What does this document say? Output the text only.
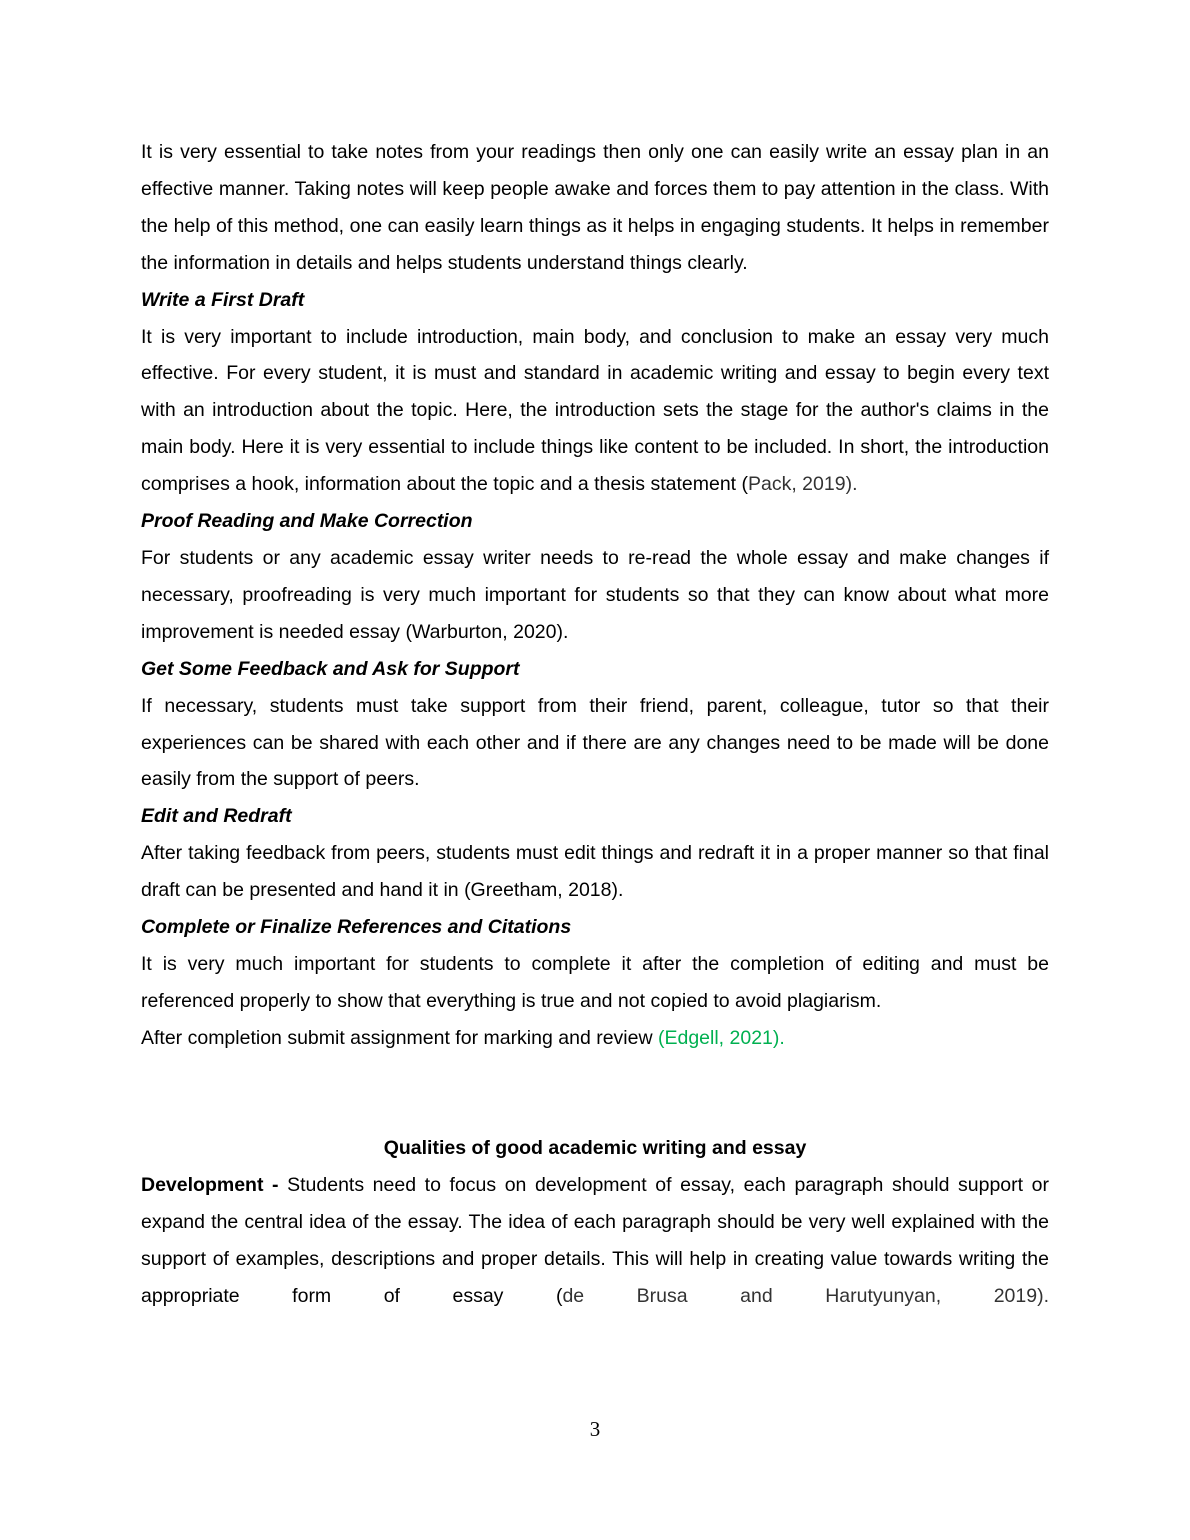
It is very essential to take notes from your readings then only one can easily write an essay plan in an effective manner. Taking notes will keep people awake and forces them to pay attention in the class. With the help of this method, one can easily learn things as it helps in engaging students. It helps in remember the information in details and helps students understand things clearly.

Write a First Draft

It is very important to include introduction, main body, and conclusion to make an essay very much effective. For every student, it is must and standard in academic writing and essay to begin every text with an introduction about the topic. Here, the introduction sets the stage for the author's claims in the main body. Here it is very essential to include things like content to be included. In short, the introduction comprises a hook, information about the topic and a thesis statement (Pack, 2019).

Proof Reading and Make Correction

For students or any academic essay writer needs to re-read the whole essay and make changes if necessary, proofreading is very much important for students so that they can know about what more improvement is needed essay (Warburton, 2020).

Get Some Feedback and Ask for Support

If necessary, students must take support from their friend, parent, colleague, tutor so that their experiences can be shared with each other and if there are any changes need to be made will be done easily from the support of peers.

Edit and Redraft

After taking feedback from peers, students must edit things and redraft it in a proper manner so that final draft can be presented and hand it in (Greetham, 2018).

Complete or Finalize References and Citations

It is very much important for students to complete it after the completion of editing and must be referenced properly to show that everything is true and not copied to avoid plagiarism.

After completion submit assignment for marking and review (Edgell, 2021).

Qualities of good academic writing and essay

Development - Students need to focus on development of essay, each paragraph should support or expand the central idea of the essay. The idea of each paragraph should be very well explained with the support of examples, descriptions and proper details. This will help in creating value towards writing the appropriate form of essay (de Brusa and Harutyunyan, 2019).

3
